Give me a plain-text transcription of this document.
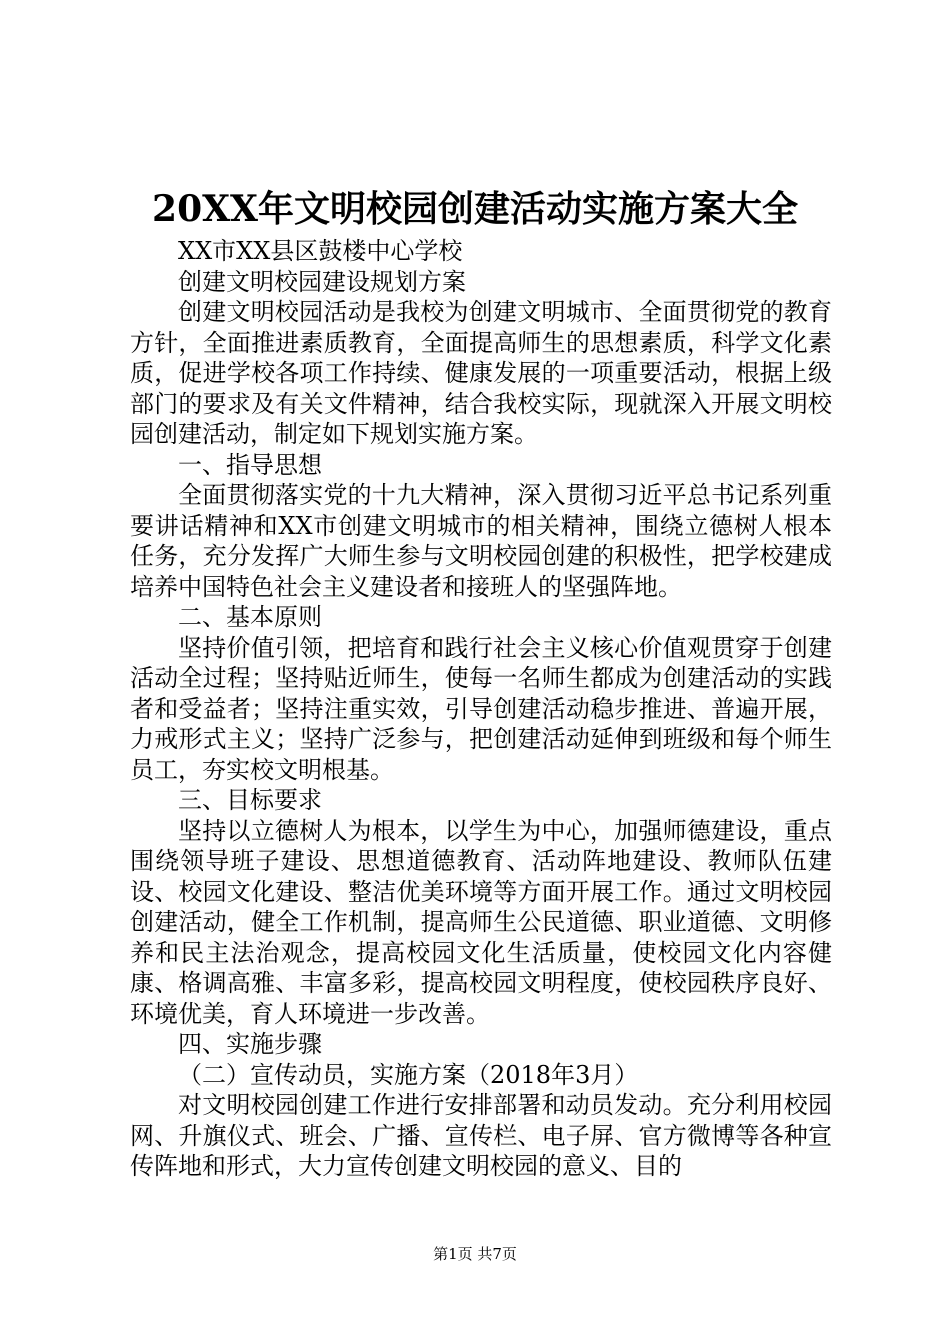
20XX年文明校园创建活动实施方案大全

XX市XX县区鼓楼中心学校

创建文明校园建设规划方案

创建文明校园活动是我校为创建文明城市、全面贯彻党的教育方针，全面推进素质教育，全面提高师生的思想素质，科学文化素质，促进学校各项工作持续、健康发展的一项重要活动，根据上级部门的要求及有关文件精神，结合我校实际，现就深入开展文明校园创建活动，制定如下规划实施方案。

一、指导思想

全面贯彻落实党的十九大精神，深入贯彻习近平总书记系列重要讲话精神和XX市创建文明城市的相关精神，围绕立德树人根本任务，充分发挥广大师生参与文明校园创建的积极性，把学校建成培养中国特色社会主义建设者和接班人的坚强阵地。

二、基本原则

坚持价值引领，把培育和践行社会主义核心价值观贯穿于创建活动全过程；坚持贴近师生，使每一名师生都成为创建活动的实践者和受益者；坚持注重实效，引导创建活动稳步推进、普遍开展，力戒形式主义；坚持广泛参与，把创建活动延伸到班级和每个师生员工，夯实校文明根基。

三、目标要求

坚持以立德树人为根本，以学生为中心，加强师德建设，重点围绕领导班子建设、思想道德教育、活动阵地建设、教师队伍建设、校园文化建设、整洁优美环境等方面开展工作。通过文明校园创建活动，健全工作机制，提高师生公民道德、职业道德、文明修养和民主法治观念，提高校园文化生活质量，使校园文化内容健康、格调高雅、丰富多彩，提高校园文明程度，使校园秩序良好、环境优美，育人环境进一步改善。

四、实施步骤

（二）宣传动员，实施方案（2018年3月）

对文明校园创建工作进行安排部署和动员发动。充分利用校园网、升旗仪式、班会、广播、宣传栏、电子屏、官方微博等各种宣传阵地和形式，大力宣传创建文明校园的意义、目的

第1页 共7页
